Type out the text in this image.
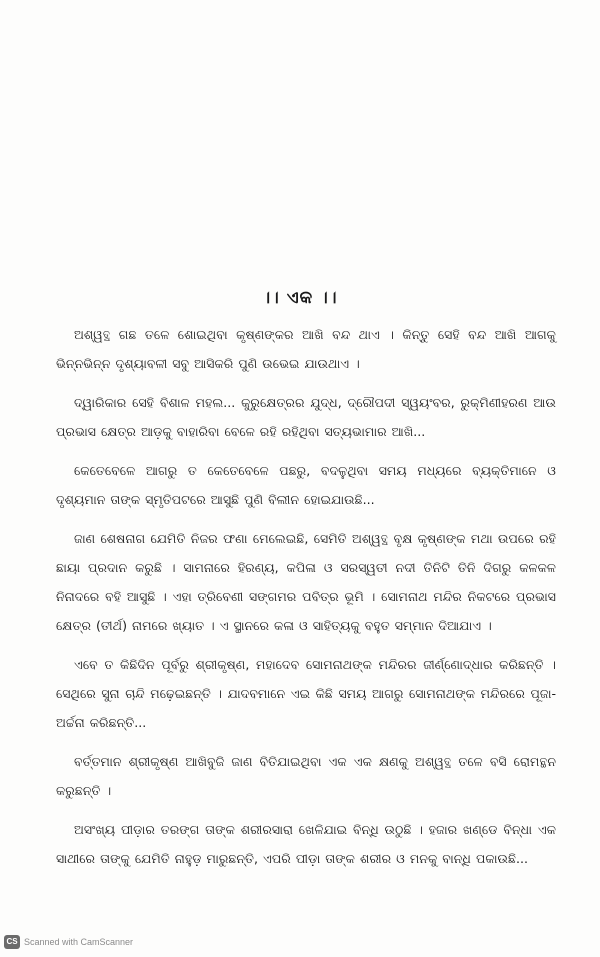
।। ଏକ ।।

ଅଶ୍ୱତ୍ଥ ଗଛ ତଳେ ଶୋଇଥିବା କୃଷ୍ଣଙ୍କର ଆଖି ବନ୍ଦ ଥାଏ । କିନ୍ତୁ ସେହି ବନ୍ଦ ଆଖି ଆଗକୁ ଭିନ୍ନଭିନ୍ନ ଦୃଶ୍ୟାବଳୀ ସବୁ ଆସିକରି ପୁଣି ଉଭେଇ ଯାଉଥାଏ ।

ଦ୍ୱାରିକାର ସେହି ବିଶାଳ ମହଲ... କୁରୁକ୍ଷେତ୍ରର ଯୁଦ୍ଧ, ଦ୍ରୌପଦୀ ସ୍ୱୟଂବର, ରୁକ୍ମିଣୀହରଣ ଆଉ ପ୍ରଭାସ କ୍ଷେତ୍ର ଆଡ଼କୁ ବାହାରିବା ବେଳେ ରହି ରହିଥିବା ସତ୍ୟଭାମାର ଆଖି...

କେତେବେଳେ ଆଗରୁ ତ କେତେବେଳେ ପଛରୁ, ବଦଳୁଥିବା ସମୟ ମଧ୍ୟରେ ବ୍ୟକ୍ତିମାନେ ଓ ଦୃଶ୍ୟମାନ ତାଙ୍କ ସ୍ମୃତିପଟରେ ଆସୁଛି ପୁଣି ବିଲୀନ ହୋଇଯାଉଛି...

ଜାଣ ଶେଷନାଗ ଯେମିତି ନିଜର ଫଣା ମେଲେଇଛି, ସେମିତି ଅଶ୍ୱତ୍ଥ ବୃକ୍ଷ କୃଷ୍ଣଙ୍କ ମଥା ଉପରେ ରହି ଛାୟା ପ୍ରଦାନ କରୁଛି । ସାମନାରେ ହିରଣ୍ୟ, କପିଳା ଓ ସରସ୍ୱତୀ ନଦୀ ତିନିଟି ତିନି ଦିଗରୁ କଳକଳ ନିନାଦରେ ବହି ଆସୁଛି । ଏହା ତ୍ରିବେଣୀ ସଙ୍ଗମର ପବିତ୍ର ଭୂମି । ସୋମନାଥ ମନ୍ଦିର ନିକଟରେ ପ୍ରଭାସ କ୍ଷେତ୍ର (ତୀର୍ଥ) ନାମରେ ଖ୍ୟାତ । ଏ ସ୍ଥାନରେ କଳା ଓ ସାହିତ୍ୟକୁ ବହୁତ ସମ୍ମାନ ଦିଆଯାଏ ।

ଏବେ ତ କିଛିଦିନ ପୂର୍ବରୁ ଶ୍ରୀକୃଷ୍ଣ, ମହାଦେବ ସୋମନାଥଙ୍କ ମନ୍ଦିରର ଜୀର୍ଣ୍ଣୋଦ୍ଧାର କରିଛନ୍ତି । ସେଥିରେ ସୁନା ଚାନ୍ଦି ମଢ଼େଇଛନ୍ତି । ଯାଦବମାନେ ଏଇ କିଛି ସମୟ ଆଗରୁ ସୋମନାଥଙ୍କ ମନ୍ଦିରରେ ପୂଜା-ଅର୍ଚ୍ଚନା କରିଛନ୍ତି...

ବର୍ତ୍ତମାନ ଶ୍ରୀକୃଷ୍ଣ ଆଖିବୁଜି ଜାଣ ବିତିଯାଇଥିବା ଏକ ଏକ କ୍ଷଣକୁ ଅଶ୍ୱତ୍ଥ ତଳେ ବସି ରୋମନ୍ଥନ କରୁଛନ୍ତି ।

ଅସଂଖ୍ୟ ପୀଡ଼ାର ତରଙ୍ଗ ତାଙ୍କ ଶରୀରସାରା ଖେଳିଯାଇ ବିନ୍ଧି ଉଠୁଛି । ହଜାର ଖଣ୍ଡେ ବିନ୍ଧା ଏକ ସାଥୀରେ ତାଙ୍କୁ ଯେମିତି ନାହୁଡ଼ ମାରୁଛନ୍ତି, ଏପରି ପୀଡ଼ା ତାଙ୍କ ଶରୀର ଓ ମନକୁ ବାନ୍ଧି ପକାଉଛି...

CS Scanned with CamScanner
